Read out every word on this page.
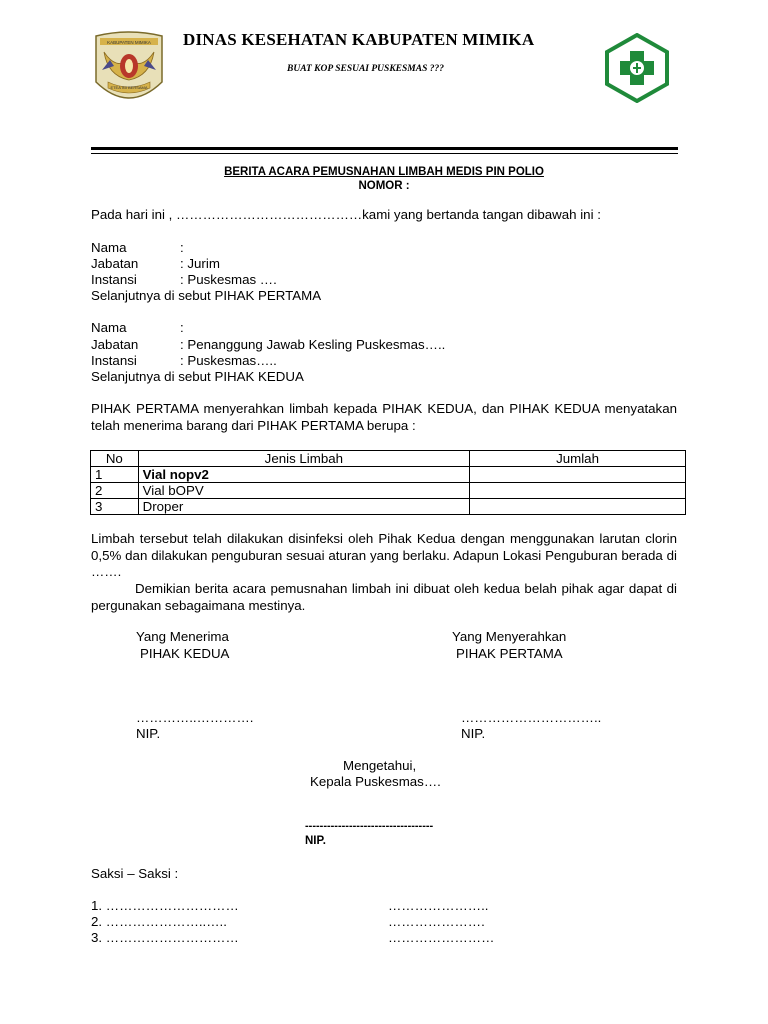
KABUPATEN MIMIKA
ETEA INI BERSAMA
DINAS KESEHATAN KABUPATEN MIMIKA
BUAT KOP SESUAI PUSKESMAS ???
BERITA ACARA PEMUSNAHAN LIMBAH MEDIS PIN POLIO
NOMOR :
Pada hari ini , ……………………………………kami yang bertanda tangan dibawah ini :
Nama	:
Jabatan	: Jurim
Instansi	: Puskesmas ….
Selanjutnya di sebut PIHAK PERTAMA
Nama	:
Jabatan	: Penanggung Jawab Kesling Puskesmas…..
Instansi	: Puskesmas…..
Selanjutnya di sebut PIHAK KEDUA
PIHAK PERTAMA menyerahkan limbah kepada PIHAK KEDUA, dan PIHAK KEDUA menyatakan telah menerima barang dari PIHAK PERTAMA berupa :
No	Jenis Limbah	Jumlah
1	Vial nopv2	
2	Vial bOPV	
3	Droper	
Limbah tersebut telah dilakukan disinfeksi oleh Pihak Kedua dengan menggunakan larutan clorin 0,5% dan dilakukan penguburan sesuai aturan yang berlaku. Adapun Lokasi Penguburan berada di …….
Demikian berita acara pemusnahan limbah ini dibuat oleh kedua belah pihak agar dapat di pergunakan sebagaimana mestinya.
Yang Menerima
PIHAK KEDUA
…………..………….
NIP.
Yang Menyerahkan
PIHAK PERTAMA
…………………………..
NIP.
Mengetahui,
Kepala Puskesmas….
-----------------------------------
NIP.
Saksi – Saksi :
1. …………………………	…………………..
2. …………………..…..	………………….
3. …………………………	……………………
